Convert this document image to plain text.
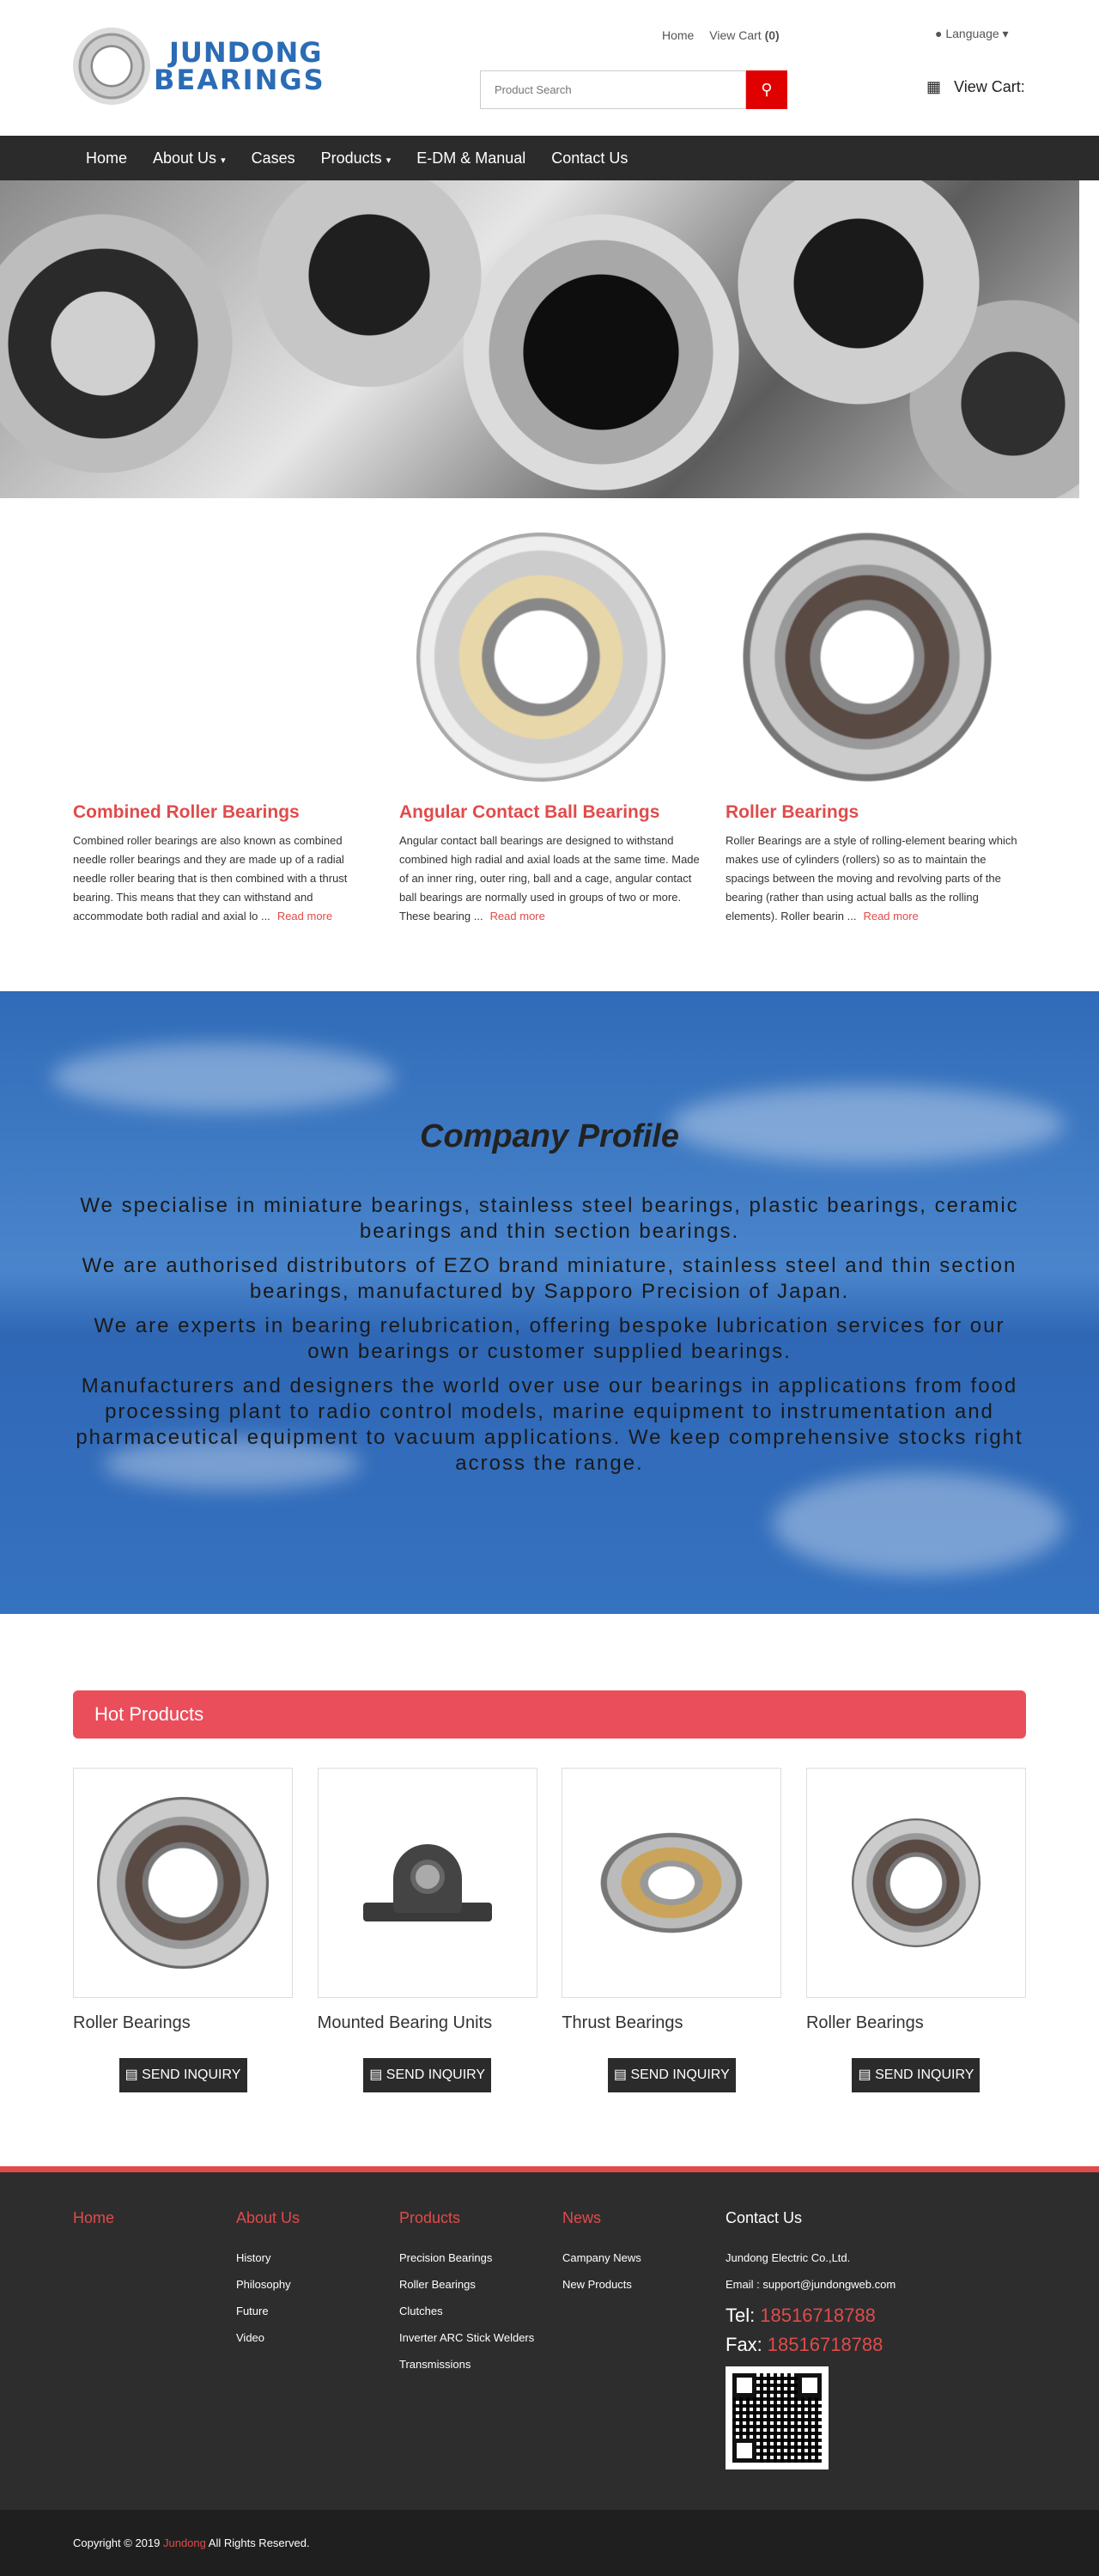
JUNDONG
BEARINGS
Home View Cart (0)	● Language ▾
Product Search
⚲	▦ View Cart:
Home About Us ▾ Cases Products ▾ E-DM & Manual Contact Us
Combined Roller Bearings

Combined roller bearings are also known as combined needle roller bearings and they are made up of a radial needle roller bearing that is then combined with a thrust bearing. This means that they can withstand and accommodate both radial and axial lo ... Read more

Angular Contact Ball Bearings

Angular contact ball bearings are designed to withstand combined high radial and axial loads at the same time. Made of an inner ring, outer ring, ball and a cage, angular contact ball bearings are normally used in groups of two or more. These bearing ... Read more

Roller Bearings

Roller Bearings are a style of rolling-element bearing which makes use of cylinders (rollers) so as to maintain the spacings between the moving and revolving parts of the bearing (rather than using actual balls as the rolling elements). Roller bearin ... Read more

Company Profile

We specialise in miniature bearings, stainless steel bearings, plastic bearings, ceramic bearings and thin section bearings.

We are authorised distributors of EZO brand miniature, stainless steel and thin section bearings, manufactured by Sapporo Precision of Japan.

We are experts in bearing relubrication, offering bespoke lubrication services for our own bearings or customer supplied bearings.

Manufacturers and designers the world over use our bearings in applications from food processing plant to radio control models, marine equipment to instrumentation and pharmaceutical equipment to vacuum applications. We keep comprehensive stocks right across the range.

Hot Products
Roller Bearings
▤ SEND INQUIRY
Mounted Bearing Units
▤ SEND INQUIRY
Thrust Bearings
▤ SEND INQUIRY
Roller Bearings
▤ SEND INQUIRY
Home	About Us
History
Philosophy
Future
Video
Products
Precision Bearings
Roller Bearings
Clutches
Inverter ARC Stick Welders
Transmissions
News
Campany News
New Products
Contact Us
Jundong Electric Co.,Ltd.
Email : support@jundongweb.com
Tel: 18516718788
Fax: 18516718788
Copyright © 2019 Jundong All Rights Reserved.
